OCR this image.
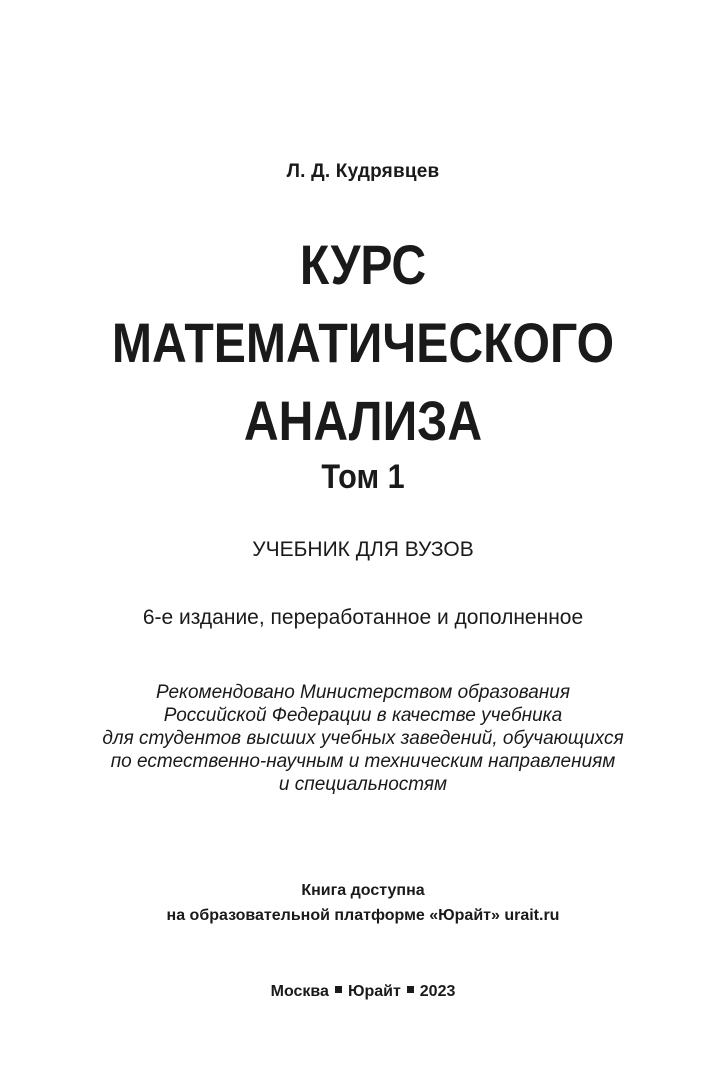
Л. Д. Кудрявцев
КУРС
МАТЕМАТИЧЕСКОГО
АНАЛИЗА
Том 1
УЧЕБНИК ДЛЯ ВУЗОВ
6-е издание, переработанное и дополненное
Рекомендовано Министерством образования
Российской Федерации в качестве учебника
для студентов высших учебных заведений, обучающихся
по естественно-научным и техническим направлениям
и специальностям
Книга доступна
на образовательной платформе «Юрайт» urait.ru
Москва Юрайт 2023
